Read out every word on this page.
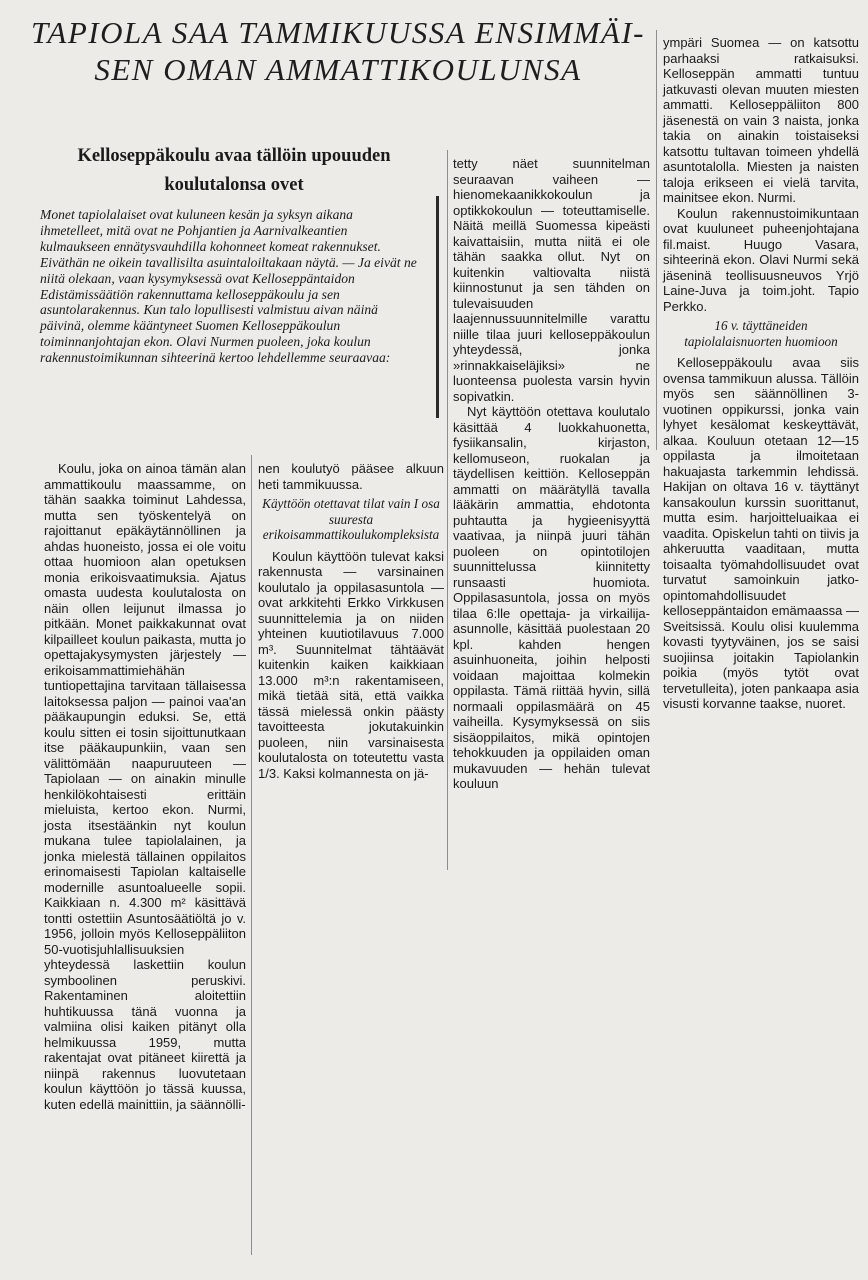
TAPIOLA SAA TAMMIKUUSSA ENSIMMÄI- SEN OMAN AMMATTIKOULUNSA
Kelloseppäkoulu avaa tällöin upouuden koulutalonsa ovet
Monet tapiolalaiset ovat kuluneen kesän ja syksyn aikana ihmetelleet, mitä ovat ne Pohjantien ja Aarnivalkeantien kulmaukseen ennätysvauhdilla kohonneet komeat rakennukset. Eiväthän ne oikein tavallisilta asuintaloiltakaan näytä. — Ja eivät ne niitä olekaan, vaan kysymyksessä ovat Kelloseppäntaidon Edistämissäätiön rakennuttama kelloseppäkoulu ja sen asuntolarakennus. Kun talo lopullisesti valmistuu aivan näinä päivinä, olemme kääntyneet Suomen Kelloseppäkoulun toiminnanjohtajan ekon. Olavi Nurmen puoleen, joka koulun rakennustoimikunnan sihteerinä kertoo lehdellemme seuraavaa:

Koulu, joka on ainoa tämän alan ammattikoulu maassamme, on tähän saakka toiminut Lahdessa, mutta sen työskentelyä on rajoittanut epäkäytännöllinen ja ahdas huoneisto, jossa ei ole voitu ottaa huomioon alan opetuksen monia erikoisvaatimuksia. Ajatus omasta uudesta koulutalosta on näin ollen leijunut ilmassa jo pitkään. Monet paikkakunnat ovat kilpailleet koulun paikasta, mutta jo opettajakysymysten järjestely — erikoisammattimiehähän tuntiopettajina tarvitaan tällaisessa laitoksessa paljon — painoi vaa'an pääkaupungin eduksi. Se, että koulu sitten ei tosin sijoittunutkaan itse pääkaupunkiin, vaan sen välittömään naapuruuteen — Tapiolaan — on ainakin minulle henkilökohtaisesti erittäin mieluista, kertoo ekon. Nurmi, josta itsestäänkin nyt koulun mukana tulee tapiolalainen, ja jonka mielestä tällainen oppilaitos erinomaisesti Tapiolan kaltaiselle modernille asuntoalueelle sopii. Kaikkiaan n. 4.300 m² käsittävä tontti ostettiin Asuntosäätiöltä jo v. 1956, jolloin myös Kelloseppäliiton 50-vuotisjuhlallisuuksien yhteydessä laskettiin koulun symboolinen peruskivi. Rakentaminen aloitettiin huhtikuussa tänä vuonna ja valmiina olisi kaiken pitänyt olla helmikuussa 1959, mutta rakentajat ovat pitäneet kiirettä ja niinpä rakennus luovutetaan koulun käyttöön jo tässä kuussa, kuten edellä mainittiin, ja säännölli-

nen koulutyö pääsee alkuun heti tammikuussa.

Käyttöön otettavat tilat vain I osa suuresta erikoisammattikoulukompleksista

Koulun käyttöön tulevat kaksi rakennusta — varsinainen koulutalo ja oppilasasuntola — ovat arkkitehti Erkko Virkkusen suunnittelemia ja on niiden yhteinen kuutiotilavuus 7.000 m³. Suunnitelmat tähtäävät kuitenkin kaiken kaikkiaan 13.000 m³:n rakentamiseen, mikä tietää sitä, että vaikka tässä mielessä onkin päästy tavoitteesta jokutakuinkin puoleen, niin varsinaisesta koulutalosta on toteutettu vasta 1/3. Kaksi kolmannesta on jä-

tetty näet suunnitelman seuraavan vaiheen — hienomekaanikkokoulun ja optikkokoulun — toteuttamiselle. Näitä meillä Suomessa kipeästi kaivattaisiin, mutta niitä ei ole tähän saakka ollut. Nyt on kuitenkin valtiovalta niistä kiinnostunut ja sen tähden on tulevaisuuden laajennussuunnitelmille varattu niille tilaa juuri kelloseppäkoulun yhteydessä, jonka »rinnakkaiseläjiksi» ne luonteensa puolesta varsin hyvin sopivatkin.

Nyt käyttöön otettava koulutalo käsittää 4 luokkahuonetta, fysiikansalin, kirjaston, kellomuseon, ruokalan ja täydellisen keittiön. Kelloseppän ammatti on määrätyllä tavalla lääkärin ammattia, ehdotonta puhtautta ja hygieenisyyttä vaativaa, ja niinpä juuri tähän puoleen on opintotilojen suunnittelussa kiinnitetty runsaasti huomiota. Oppilasasuntola, jossa on myös tilaa 6:lle opettaja- ja virkailija-asunnolle, käsittää puolestaan 20 kpl. kahden hengen asuinhuoneita, joihin helposti voidaan majoittaa kolmekin oppilasta. Tämä riittää hyvin, sillä normaali oppilasmäärä on 45 vaiheilla. Kysymyksessä on siis sisäoppilaitos, mikä opintojen tehokkuuden ja oppilaiden oman mukavuuden — hehän tulevat kouluun

ympäri Suomea — on katsottu parhaaksi ratkaisuksi. Kelloseppän ammatti tuntuu jatkuvasti olevan muuten miesten ammatti. Kelloseppäliiton 800 jäsenestä on vain 3 naista, jonka takia on ainakin toistaiseksi katsottu tultavan toimeen yhdellä asuntotalolla. Miesten ja naisten taloja erikseen ei vielä tarvita, mainitsee ekon. Nurmi.

Koulun rakennustoimikuntaan ovat kuuluneet puheenjohtajana fil.maist. Huugo Vasara, sihteerinä ekon. Olavi Nurmi sekä jäseninä teollisuusneuvos Yrjö Laine-Juva ja toim.joht. Tapio Perkko.

16 v. täyttäneiden tapiolalaisnuorten huomioon

Kelloseppäkoulu avaa siis ovensa tammikuun alussa. Tällöin myös sen säännöllinen 3-vuotinen oppikurssi, jonka vain lyhyet kesälomat keskeyttävät, alkaa. Kouluun otetaan 12—15 oppilasta ja ilmoitetaan hakuajasta tarkemmin lehdissä. Hakijan on oltava 16 v. täyttänyt kansakoulun kurssin suorittanut, mutta esim. harjoitteluaikaa ei vaadita. Opiskelun tahti on tiivis ja ahkeruutta vaaditaan, mutta toisaalta työmahdollisuudet ovat turvatut samoinkuin jatko-opintomahdollisuudet kelloseppäntaidon emämaassa — Sveitsissä. Koulu olisi kuulemma kovasti tyytyväinen, jos se saisi suojiinsa joitakin Tapiolankin poikia (myös tytöt ovat tervetulleita), joten pankaapa asia visusti korvanne taakse, nuoret.
